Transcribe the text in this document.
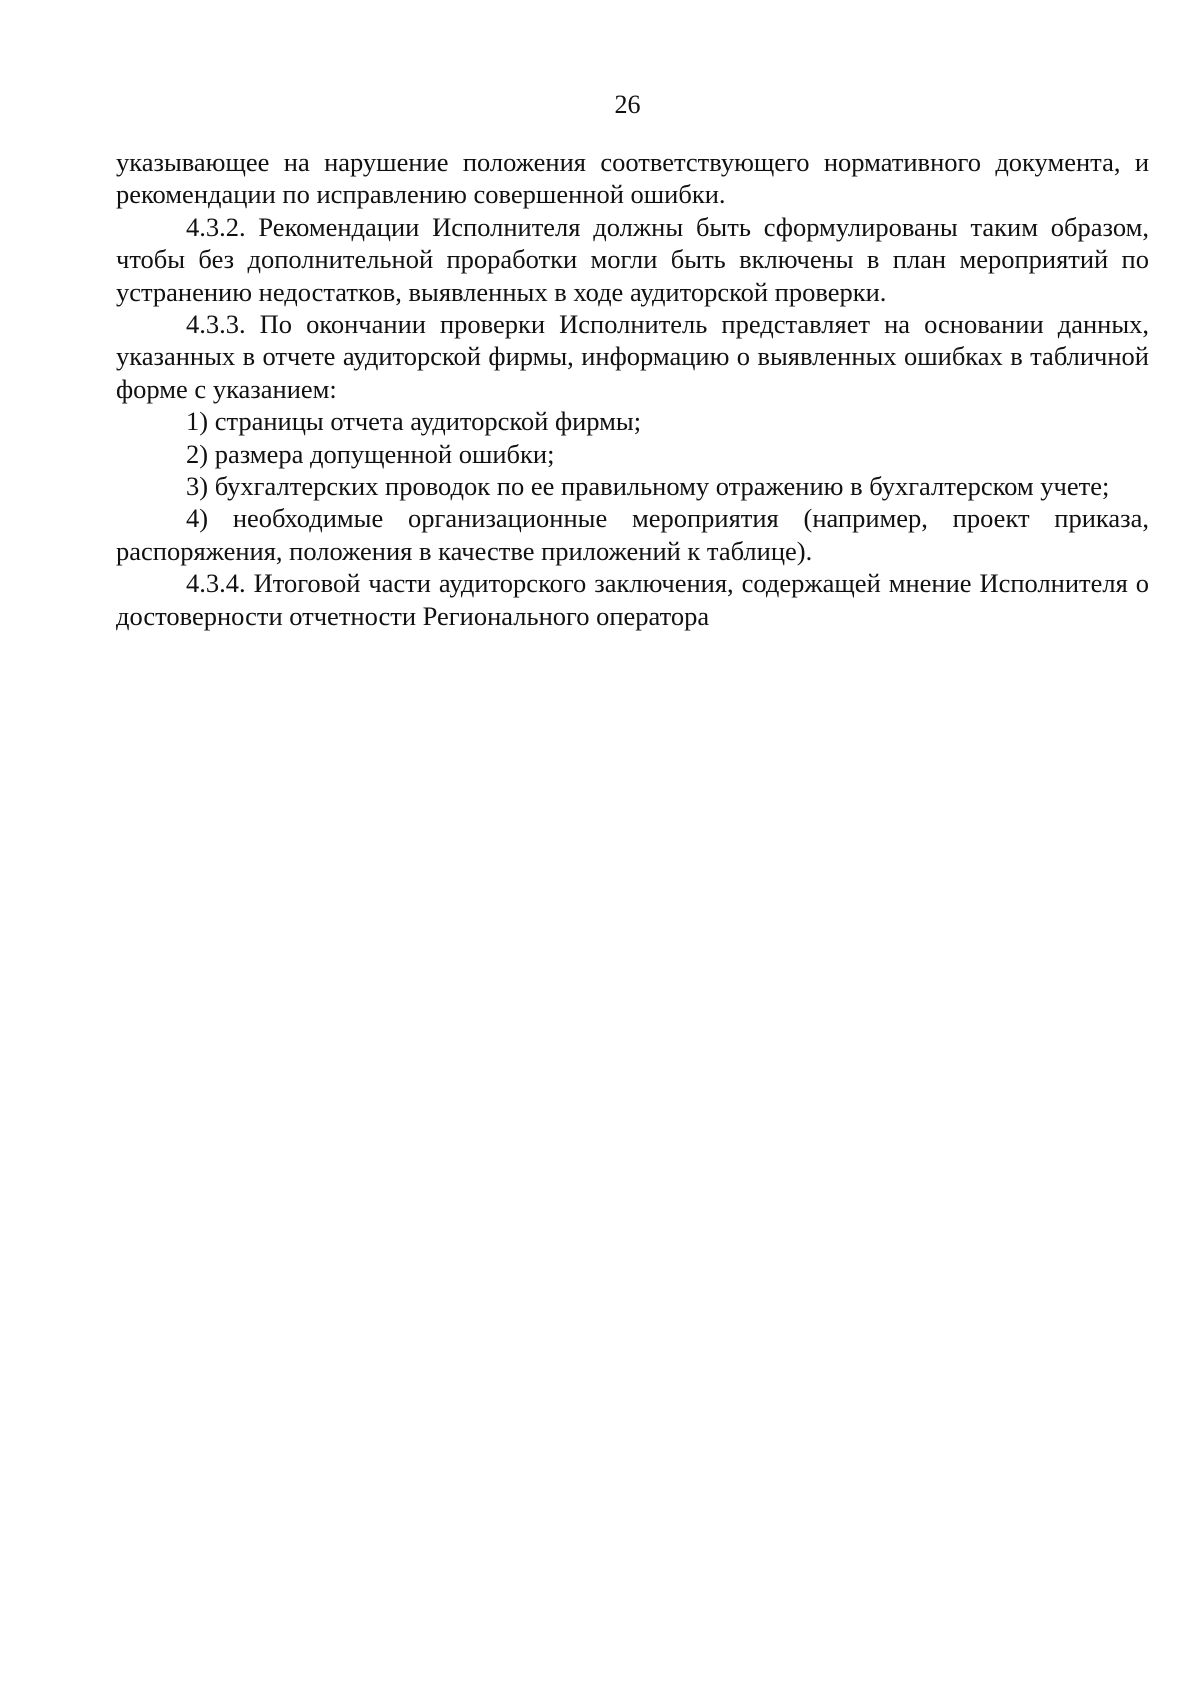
26

указывающее на нарушение положения соответствующего нормативного документа, и рекомендации по исправлению совершенной ошибки.

4.3.2. Рекомендации Исполнителя должны быть сформулированы таким образом, чтобы без дополнительной проработки могли быть включены в план мероприятий по устранению недостатков, выявленных в ходе аудиторской проверки.

4.3.3. По окончании проверки Исполнитель представляет на основании данных, указанных в отчете аудиторской фирмы, информацию о выявленных ошибках в табличной форме с указанием:

1) страницы отчета аудиторской фирмы;

2) размера допущенной ошибки;

3) бухгалтерских проводок по ее правильному отражению в бухгалтерском учете;

4) необходимые организационные мероприятия (например, проект приказа, распоряжения, положения в качестве приложений к таблице).

4.3.4. Итоговой части аудиторского заключения, содержащей мнение Исполнителя о достоверности отчетности Регионального оператора
